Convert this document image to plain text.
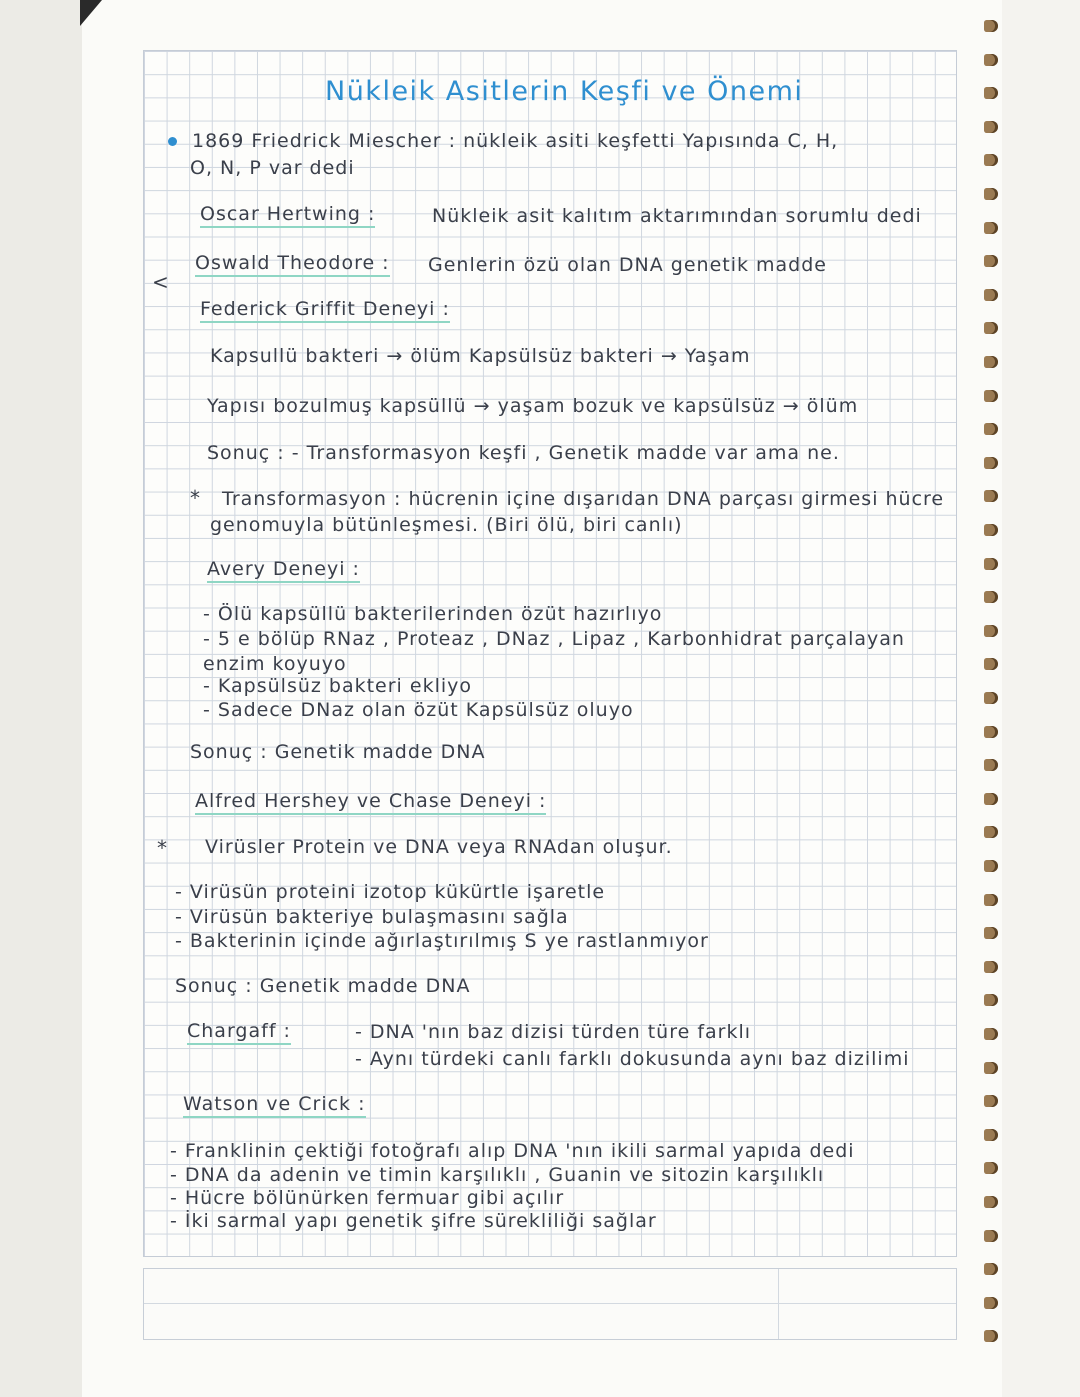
Nükleik Asitlerin Keşfi ve Önemi
1869 Friedrick Miescher : nükleik asiti keşfetti Yapısında C, H,
O, N, P var dedi
Oscar Hertwing :	Nükleik asit kalıtım aktarımından sorumlu dedi
<
Oswald Theodore : Genlerin özü olan DNA genetik madde
Federick Griffit Deneyi :
Kapsullü bakteri → ölüm Kapsülsüz bakteri → Yaşam
Yapısı bozulmuş kapsüllü → yaşam bozuk ve kapsülsüz → ölüm
Sonuç : - Transformasyon keşfi , Genetik madde var ama ne.
* Transformasyon : hücrenin içine dışarıdan DNA parçası girmesi hücre
genomuyla bütünleşmesi. (Biri ölü, biri canlı)
Avery Deneyi :
- Ölü kapsüllü bakterilerinden özüt hazırlıyo
- 5 e bölüp RNaz , Proteaz , DNaz , Lipaz , Karbonhidrat parçalayan
enzim koyuyo
- Kapsülsüz bakteri ekliyo
- Sadece DNaz olan özüt Kapsülsüz oluyo
Sonuç : Genetik madde DNA
Alfred Hershey ve Chase Deneyi :
* Virüsler Protein ve DNA veya RNAdan oluşur.
- Virüsün proteini izotop kükürtle işaretle
- Virüsün bakteriye bulaşmasını sağla
- Bakterinin içinde ağırlaştırılmış S ye rastlanmıyor
Sonuç : Genetik madde DNA
Chargaff :	- DNA 'nın baz dizisi türden türe farklı
- Aynı türdeki canlı farklı dokusunda aynı baz dizilimi
Watson ve Crick :
- Franklinin çektiği fotoğrafı alıp DNA 'nın ikili sarmal yapıda dedi
- DNA da adenin ve timin karşılıklı , Guanin ve sitozin karşılıklı
- Hücre bölünürken fermuar gibi açılır
- İki sarmal yapı genetik şifre sürekliliği sağlar
